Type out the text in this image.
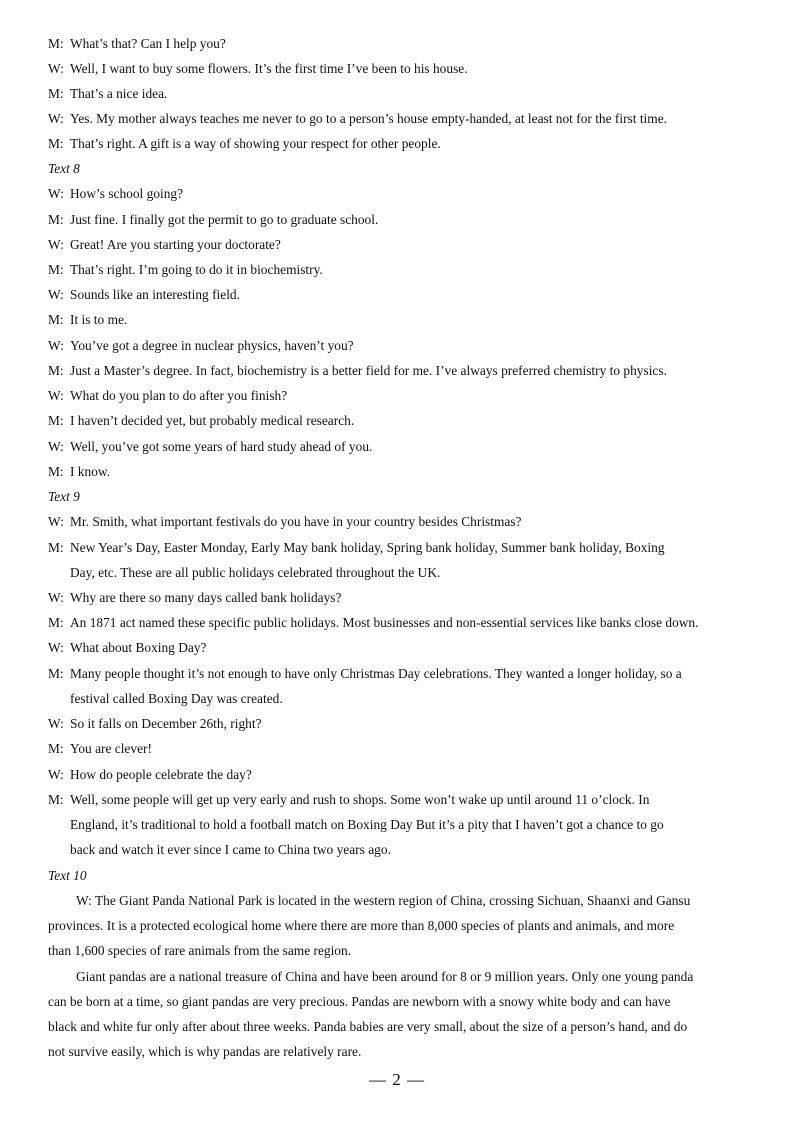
M: What’s that? Can I help you?
W: Well, I want to buy some flowers. It’s the first time I’ve been to his house.
M: That’s a nice idea.
W: Yes. My mother always teaches me never to go to a person’s house empty-handed, at least not for the first time.
M: That’s right. A gift is a way of showing your respect for other people.
Text 8
W: How’s school going?
M: Just fine. I finally got the permit to go to graduate school.
W: Great! Are you starting your doctorate?
M: That’s right. I’m going to do it in biochemistry.
W: Sounds like an interesting field.
M: It is to me.
W: You’ve got a degree in nuclear physics, haven’t you?
M: Just a Master’s degree. In fact, biochemistry is a better field for me. I’ve always preferred chemistry to physics.
W: What do you plan to do after you finish?
M: I haven’t decided yet, but probably medical research.
W: Well, you’ve got some years of hard study ahead of you.
M: I know.
Text 9
W: Mr. Smith, what important festivals do you have in your country besides Christmas?
M: New Year’s Day, Easter Monday, Early May bank holiday, Spring bank holiday, Summer bank holiday, Boxing
Day, etc. These are all public holidays celebrated throughout the UK.
W: Why are there so many days called bank holidays?
M: An 1871 act named these specific public holidays. Most businesses and non-essential services like banks close down.
W: What about Boxing Day?
M: Many people thought it’s not enough to have only Christmas Day celebrations. They wanted a longer holiday, so a
festival called Boxing Day was created.
W: So it falls on December 26th, right?
M: You are clever!
W: How do people celebrate the day?
M: Well, some people will get up very early and rush to shops. Some won’t wake up until around 11 o’clock. In
England, it’s traditional to hold a football match on Boxing Day But it’s a pity that I haven’t got a chance to go
back and watch it ever since I came to China two years ago.
Text 10
W: The Giant Panda National Park is located in the western region of China, crossing Sichuan, Shaanxi and Gansu
provinces. It is a protected ecological home where there are more than 8,000 species of plants and animals, and more
than 1,600 species of rare animals from the same region.
Giant pandas are a national treasure of China and have been around for 8 or 9 million years. Only one young panda
can be born at a time, so giant pandas are very precious. Pandas are newborn with a snowy white body and can have
black and white fur only after about three weeks. Panda babies are very small, about the size of a person’s hand, and do
not survive easily, which is why pandas are relatively rare.
— 2 —
